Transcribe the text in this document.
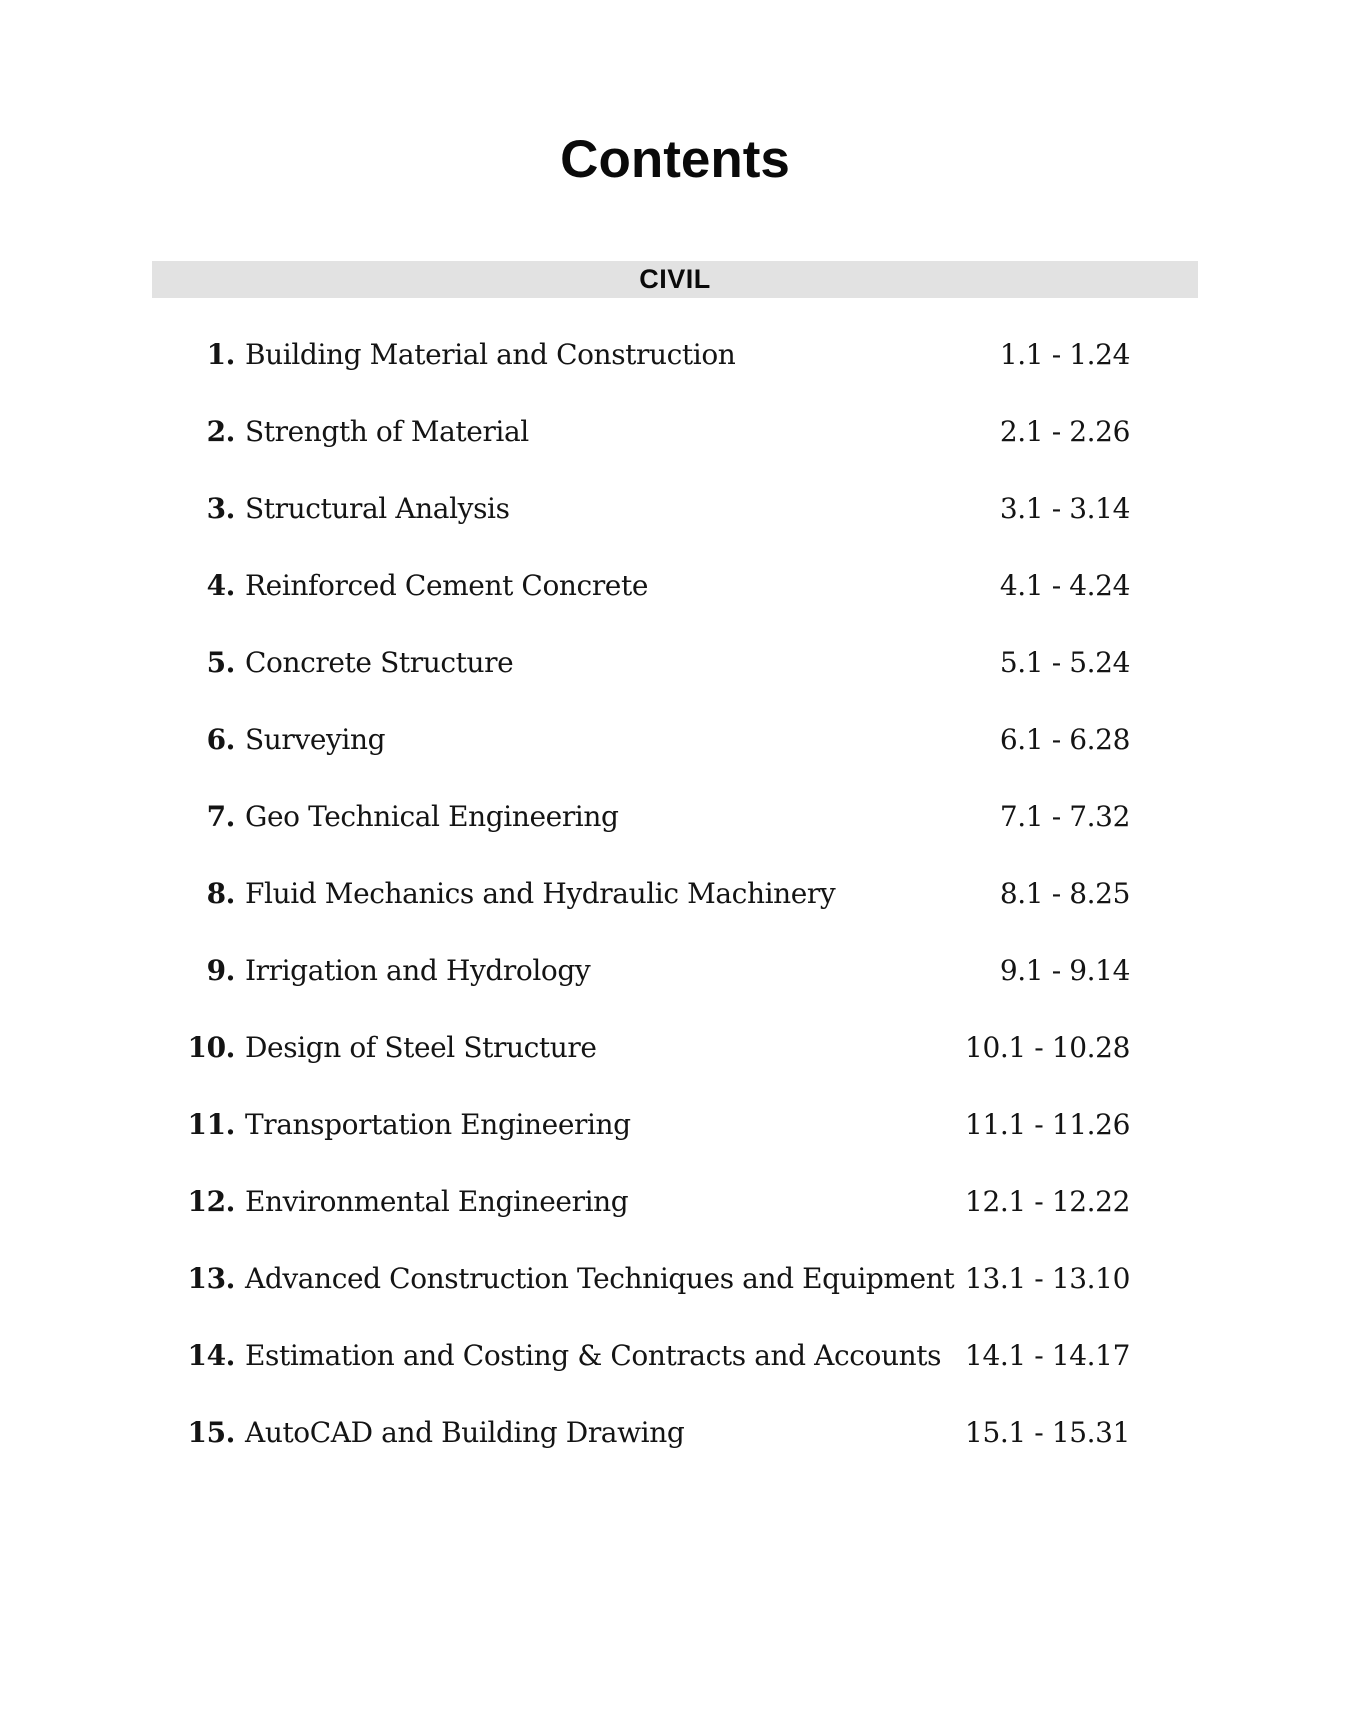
Contents
CIVIL
1. Building Material and Construction	1.1 - 1.24
2. Strength of Material	2.1 - 2.26
3. Structural Analysis	3.1 - 3.14
4. Reinforced Cement Concrete	4.1 - 4.24
5. Concrete Structure	5.1 - 5.24
6. Surveying	6.1 - 6.28
7. Geo Technical Engineering	7.1 - 7.32
8. Fluid Mechanics and Hydraulic Machinery	8.1 - 8.25
9. Irrigation and Hydrology	9.1 - 9.14
10. Design of Steel Structure	10.1 - 10.28
11. Transportation Engineering	11.1 - 11.26
12. Environmental Engineering	12.1 - 12.22
13. Advanced Construction Techniques and Equipment 13.1 - 13.10
14. Estimation and Costing & Contracts and Accounts 14.1 - 14.17
15. AutoCAD and Building Drawing	15.1 - 15.31
